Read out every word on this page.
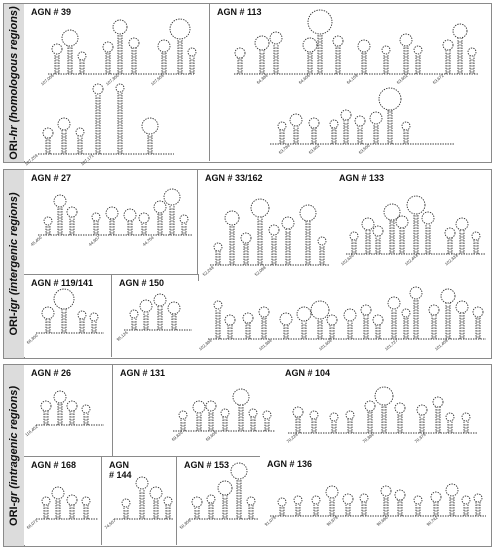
ORI-hr (homologous regions) AGN # 39
107,066	107,360	107,509
107,259	107,171
AGN # 113
64,384	64,666	64,169	63,662	63,672
63,784	63,662	63,560
ORI-igr (intergenic regions)
AGN # 27
45,450	44,907	44,754
AGN # 33/162
52,249	52,098
AGN # 133
102,620	102,443	102,333
AGN # 119/141
66,360
AGN # 150
95,126
102,384	101,984	101,664	101,727	101,468
ORI-gr (intragenic regions)
AGN # 26
116,402
AGN # 131
69,820	69,666
AGN # 104
70,228	70,384	70,379
AGN # 168
66,071
AGN
# 144
74,567
AGN # 153
50,356
AGN # 136
91,079	90,979	90,690	90,742
